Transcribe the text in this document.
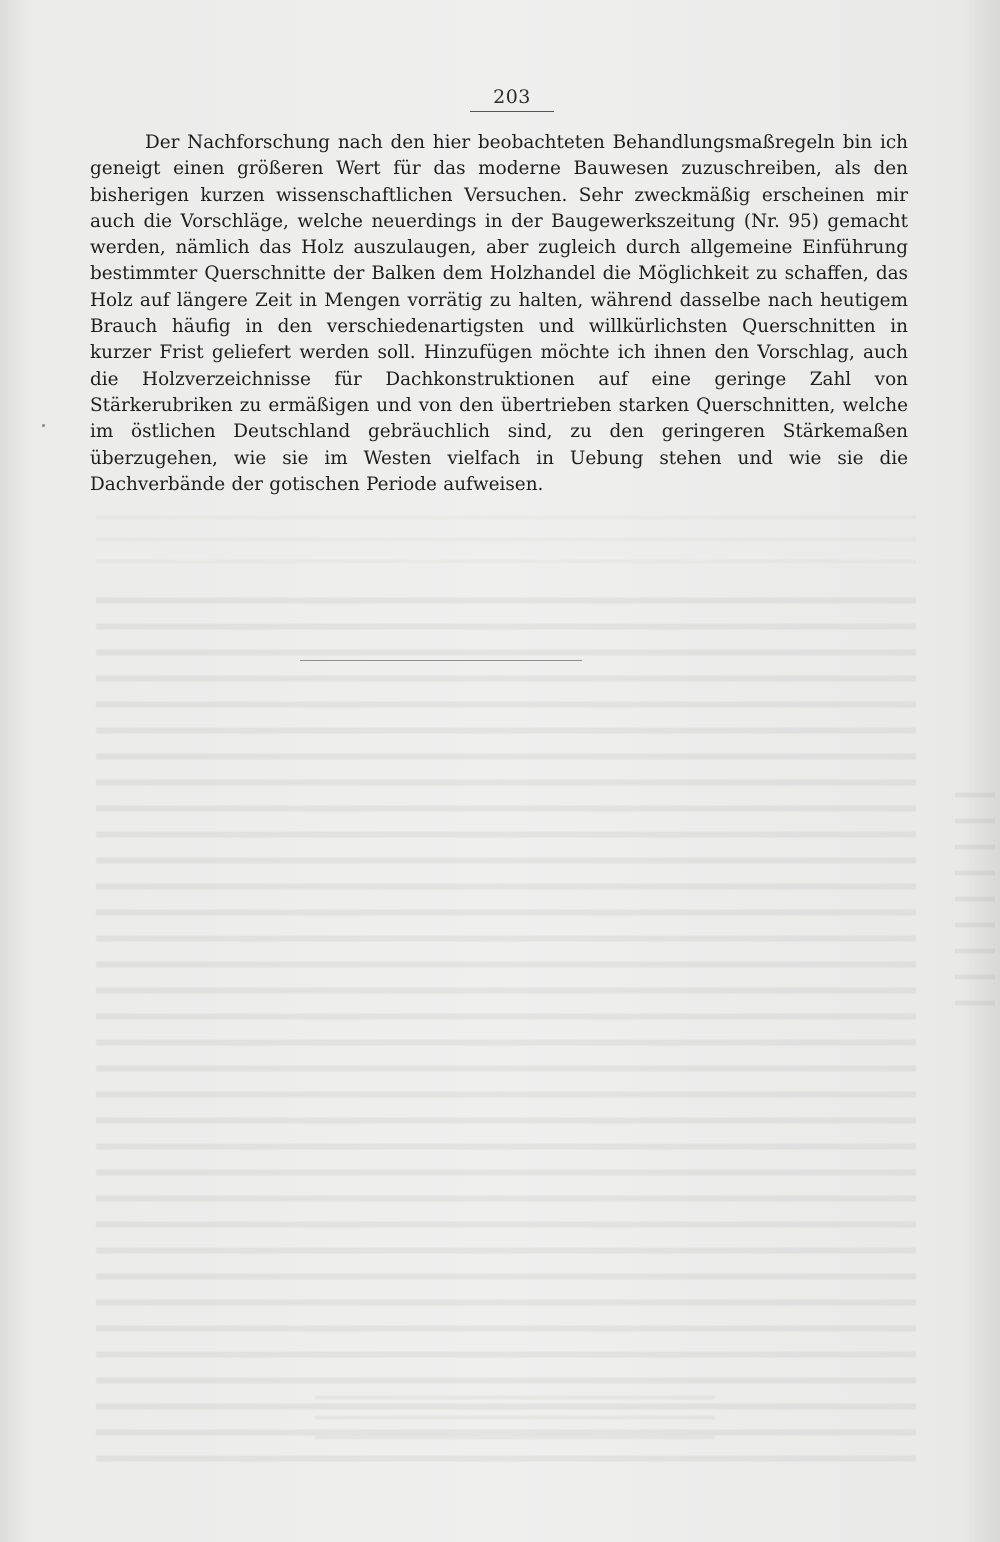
203

Der Nachforschung nach den hier beobachteten Behandlungsmaßregeln bin ich geneigt einen größeren Wert für das moderne Bauwesen zuzuschreiben, als den bisherigen kurzen wissenschaftlichen Versuchen. Sehr zweckmäßig erscheinen mir auch die Vorschläge, welche neuerdings in der Baugewerkszeitung (Nr. 95) gemacht werden, nämlich das Holz auszulaugen, aber zugleich durch allgemeine Einführung bestimmter Querschnitte der Balken dem Holzhandel die Möglichkeit zu schaffen, das Holz auf längere Zeit in Mengen vorrätig zu halten, während dasselbe nach heutigem Brauch häufig in den verschiedenartigsten und willkürlichsten Querschnitten in kurzer Frist geliefert werden soll. Hinzufügen möchte ich ihnen den Vorschlag, auch die Holzverzeichnisse für Dachkonstruktionen auf eine geringe Zahl von Stärkerubriken zu ermäßigen und von den übertrieben starken Querschnitten, welche im östlichen Deutschland gebräuchlich sind, zu den geringeren Stärkemaßen überzugehen, wie sie im Westen vielfach in Uebung stehen und wie sie die Dachverbände der gotischen Periode aufweisen.
